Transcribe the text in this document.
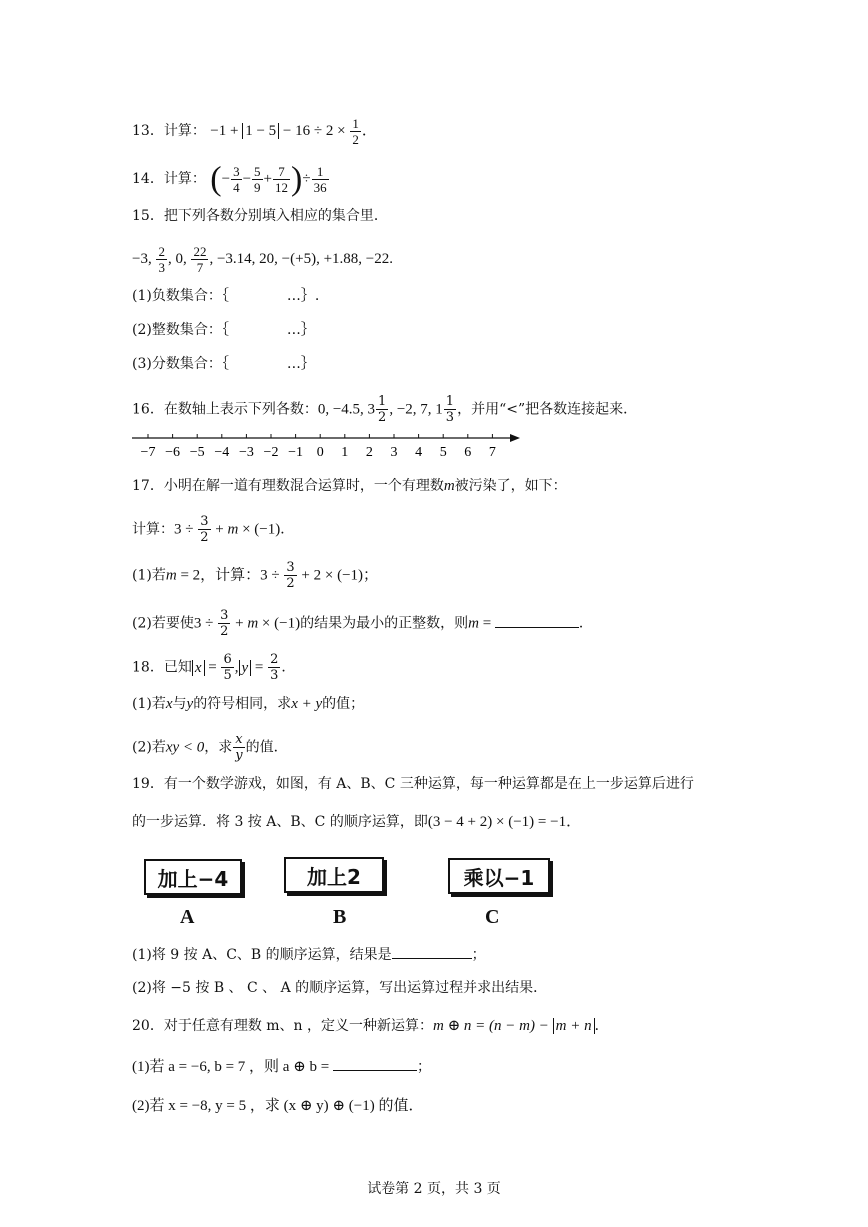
13．计算： $-1 + 1 - 5 - 16 \div 2 \times \frac{1}{2}$ ．
14．计算： (− $\frac{3}{4} - \frac{5}{9} + \frac{7}{12}$ )÷ $\frac{1}{36}$
15．把下列各数分别填入相应的集合里．
−3, $\frac{2}{3}$ , 0, $\frac{22}{7}$ , −3.14, 20, −(+5), +1.88, −22.
(1)负数集合：｛	…｝.
(2)整数集合：｛	…｝
(3)分数集合：｛	…｝
16．在数轴上表示下列各数：0, −4.5, $3 \frac{1}{2}$ , −2, 7, $1 \frac{1}{3}$ ，并用“<”把各数连接起来．
−7 −6 −5 −4 −3 −2 −1 0 1 2 3 4 5 6 7
17．小明在解一道有理数混合运算时，一个有理数m被污染了，如下：
计算：$3 \div \frac{3}{2} + m \times (-1)$．
(1)若m = 2，计算：$3 \div \frac{3}{2} + 2 \times (-1)$；
(2)若要使$3 \div \frac{3}{2} + m \times (-1)$的结果为最小的正整数，则m =	．
18．已知 $x = \frac{6}{5}$ , $y = \frac{2}{3}$ ．
(1)若x与y的符号相同，求x + y的值；
(2)若xy < 0，求 $\frac{x}{y}$ 的值．
19．有一个数学游戏，如图，有 A、B、C 三种运算，每一种运算都是在上一步运算后进行
的一步运算．将 3 按 A、B、C 的顺序运算，即(3 − 4 + 2) × (−1) = −1．
加上−4	加上2	乘以−1
A	B	C
(1)将 9 按 A、C、B 的顺序运算，结果是	；
(2)将 −5 按 B 、 C 、 A 的顺序运算，写出运算过程并求出结果．
20．对于任意有理数 m、n ，定义一种新运算：m ⊕ n = (n − m) − m + n ．
(1)若 a = −6, b = 7 ，则 a ⊕ b =	；
(2)若 x = −8, y = 5 ，求 (x ⊕ y) ⊕ (−1) 的值．
试卷第 2 页，共 3 页
